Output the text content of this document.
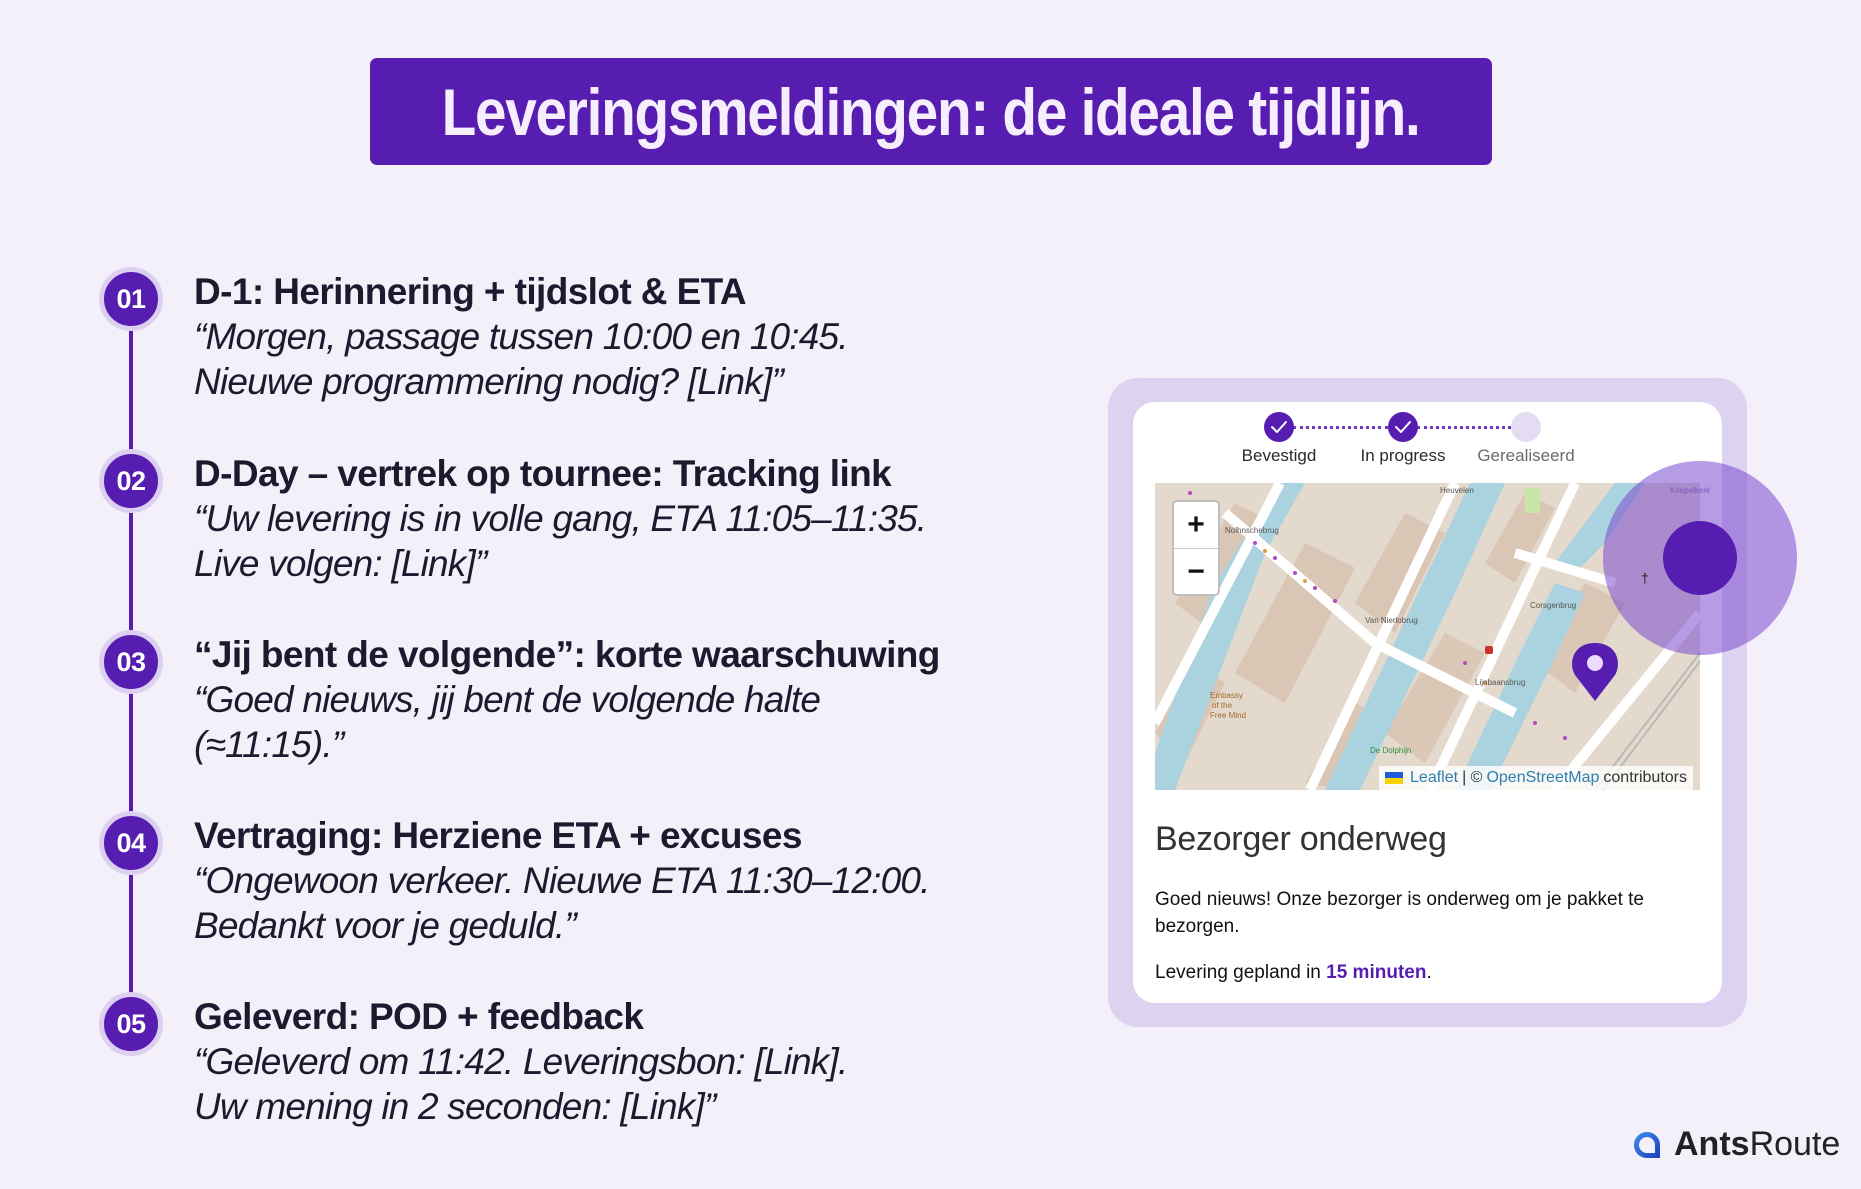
Leveringsmeldingen: de ideale tijdlijn.
01	D-1: Herinnering + tijdslot & ETA
“Morgen, passage tussen 10:00 en 10:45.
Nieuwe programmering nodig? [Link]”
02	D-Day – vertrek op tournee: Tracking link
“Uw levering is in volle gang, ETA 11:05–11:35.
Live volgen: [Link]”
03	“Jij bent de volgende”: korte waarschuwing
“Goed nieuws, jij bent de volgende halte
(≈11:15).”
04	Vertraging: Herziene ETA + excuses
“Ongewoon verkeer. Nieuwe ETA 11:30–12:00.
Bedankt voor je geduld.”
05	Geleverd: POD + feedback
“Geleverd om 11:42. Leveringsbon: [Link].
Uw mening in 2 seconden: [Link]”
Bevestigd	In progress	Gerealiseerd
Nolhnschebrug
Van Nierlobrug
Corsgenbrug
Lijnbaansbrug
Heuvelen
De Dolphijn
Embassy
of the
Free Mind
†
+
−
Leaflet | © OpenStreetMap contributors
Bezorger onderweg
Goed nieuws! Onze bezorger is onderweg om je pakket te bezorgen.
Levering gepland in 15 minuten.
AntsRoute
